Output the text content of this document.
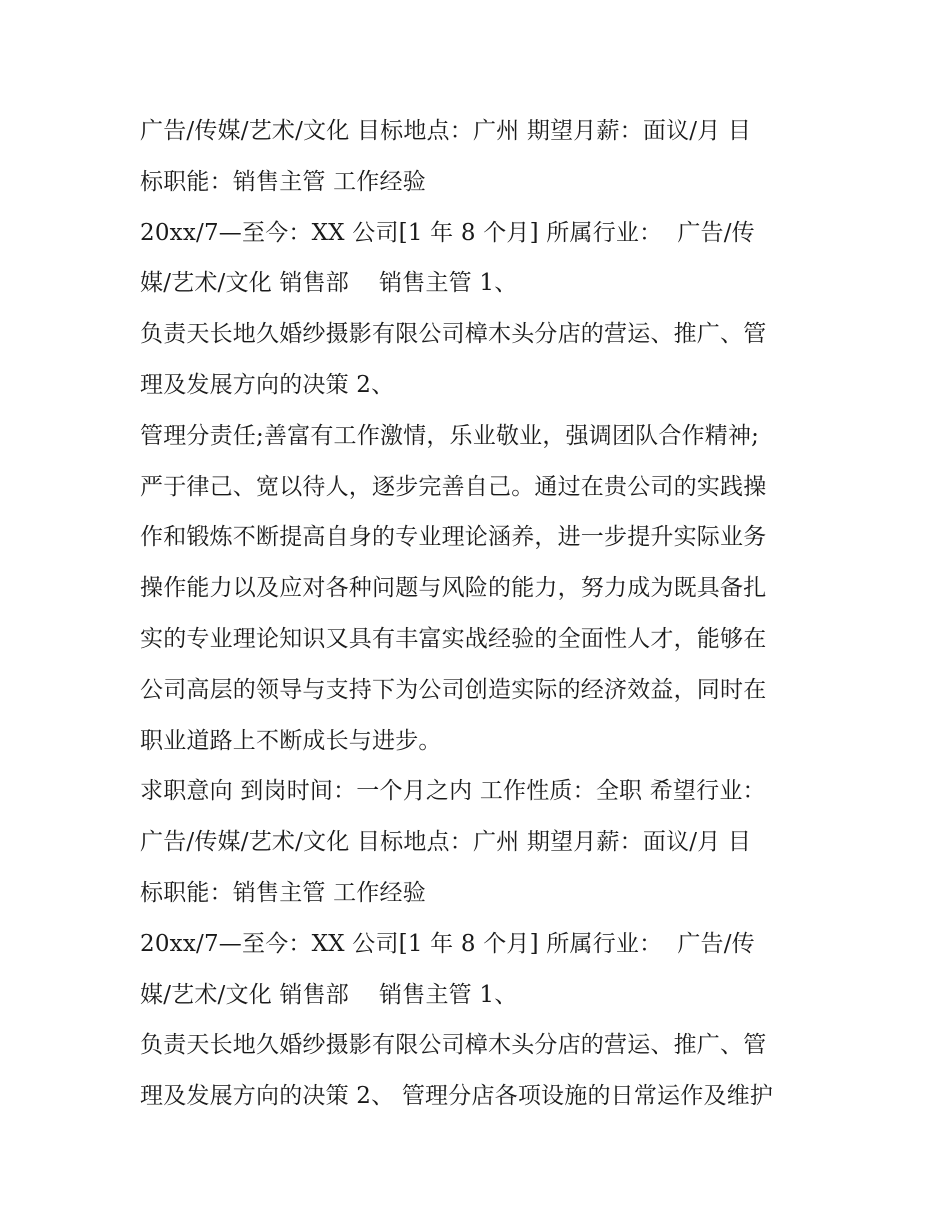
广告/传媒/艺术/文化 目标地点：广州 期望月薪：面议/月 目
标职能：销售主管 工作经验
20xx/7—至今：XX 公司[1 年 8 个月] 所属行业：  广告/传
媒/艺术/文化 销售部    销售主管 1、
负责天长地久婚纱摄影有限公司樟木头分店的营运、推广、管
理及发展方向的决策 2、
管理分责任;善富有工作激情，乐业敬业，强调团队合作精神;
严于律己、宽以待人，逐步完善自己。通过在贵公司的实践操
作和锻炼不断提高自身的专业理论涵养，进一步提升实际业务
操作能力以及应对各种问题与风险的能力，努力成为既具备扎
实的专业理论知识又具有丰富实战经验的全面性人才，能够在
公司高层的领导与支持下为公司创造实际的经济效益，同时在
职业道路上不断成长与进步。
求职意向 到岗时间：一个月之内 工作性质：全职 希望行业：
广告/传媒/艺术/文化 目标地点：广州 期望月薪：面议/月 目
标职能：销售主管 工作经验
20xx/7—至今：XX 公司[1 年 8 个月] 所属行业：  广告/传
媒/艺术/文化 销售部    销售主管 1、
负责天长地久婚纱摄影有限公司樟木头分店的营运、推广、管
理及发展方向的决策 2、 管理分店各项设施的日常运作及维护
